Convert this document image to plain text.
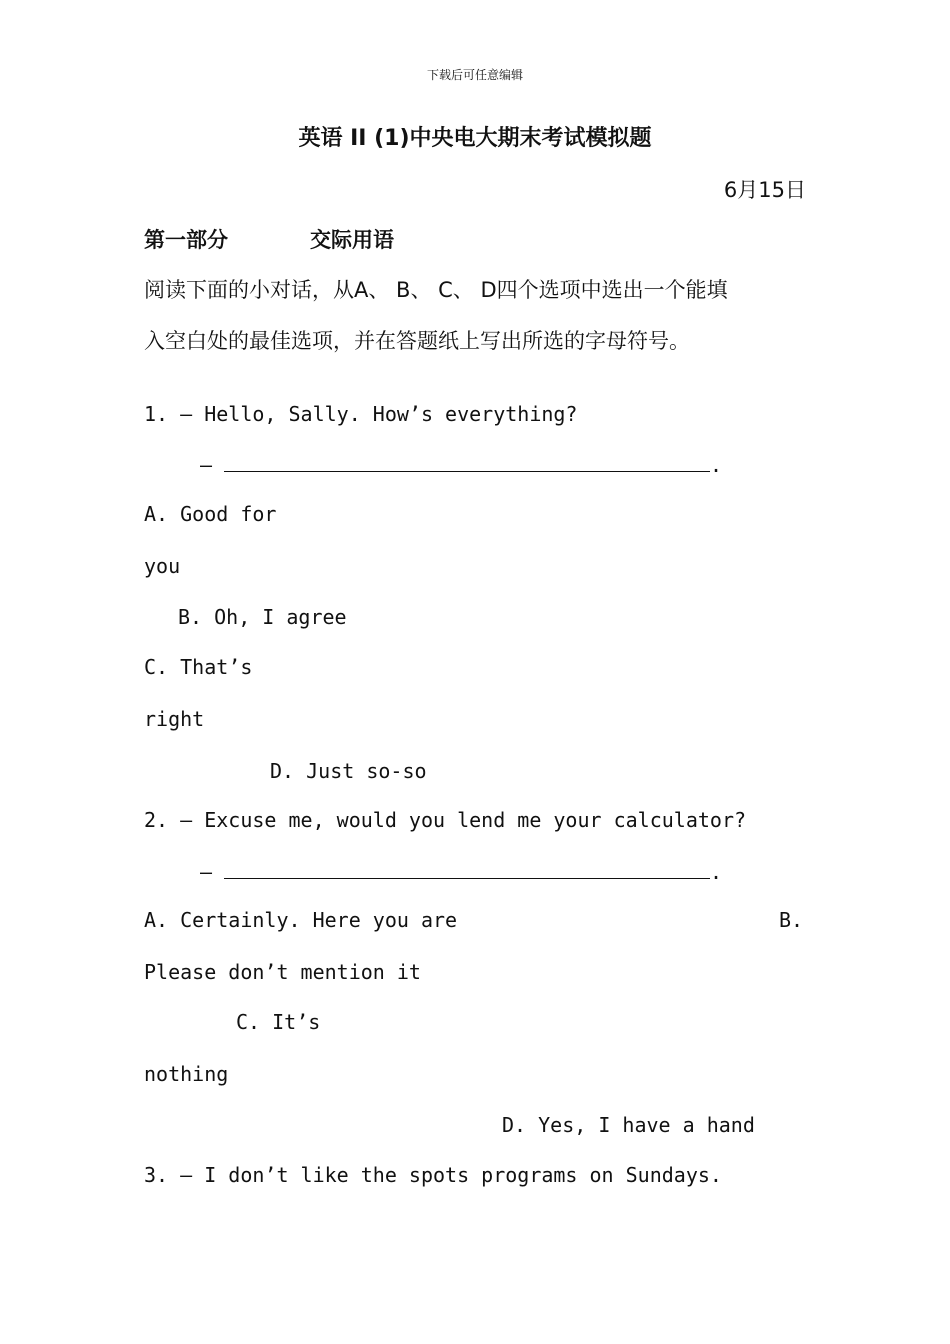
下载后可任意编辑
英语 II (1)中央电大期末考试模拟题
6月15日
第一部分	交际用语
阅读下面的小对话，从A、 B、 C、 D四个选项中选出一个能填
入空白处的最佳选项，并在答题纸上写出所选的字母符号。
1. — Hello, Sally. How’s everything?
—	.
A. Good for
you
B. Oh, I agree
C. That’s
right
D. Just so-so
2. — Excuse me, would you lend me your calculator?
—	.
A. Certainly. Here you are	B.
Please don’t mention it
C. It’s
nothing
D. Yes, I have a hand
3. — I don’t like the spots programs on Sundays.
